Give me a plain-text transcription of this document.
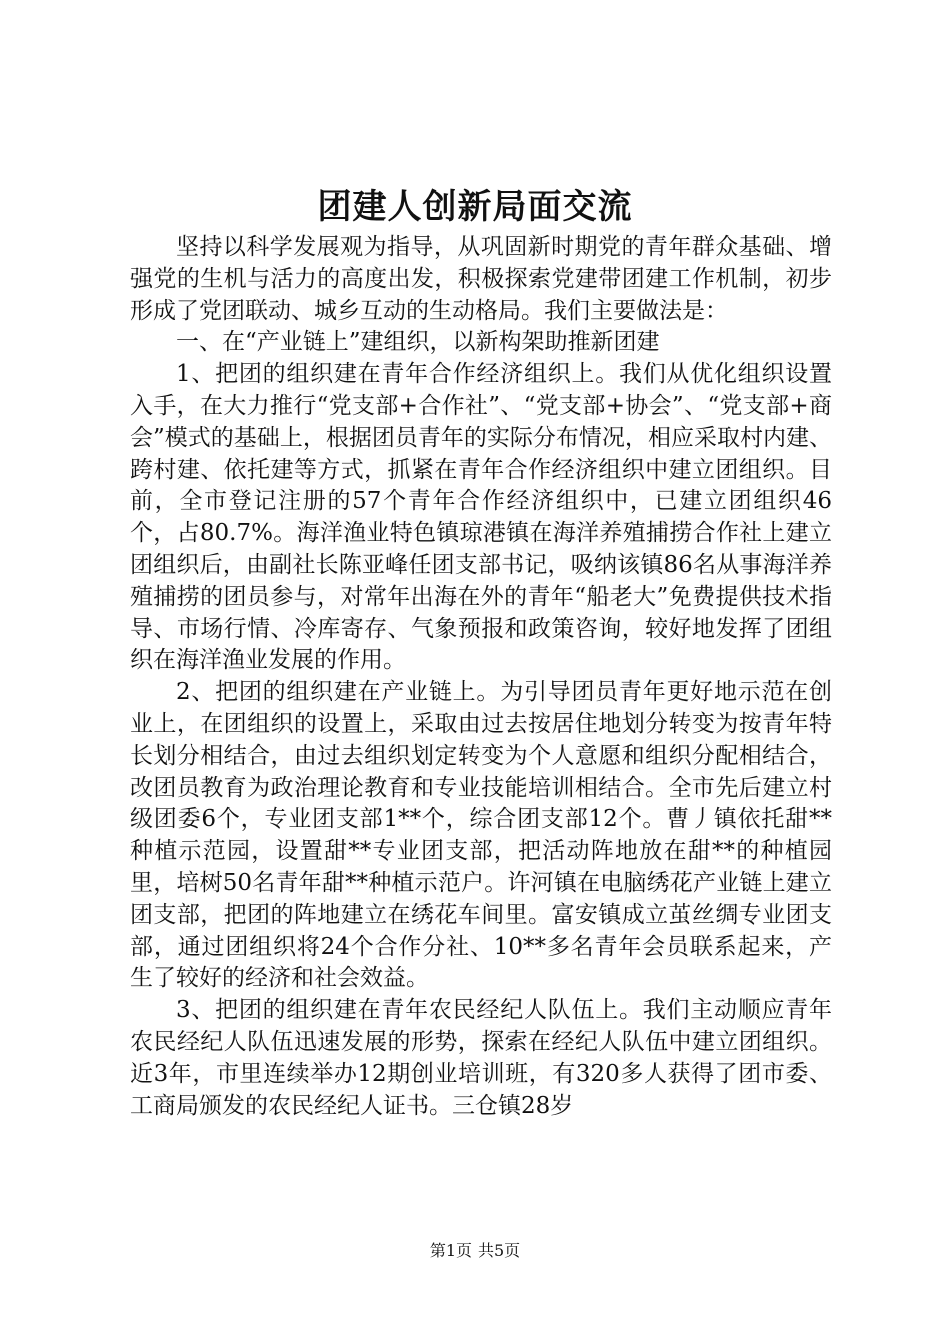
团建人创新局面交流

坚持以科学发展观为指导，从巩固新时期党的青年群众基础、增强党的生机与活力的高度出发，积极探索党建带团建工作机制，初步形成了党团联动、城乡互动的生动格局。我们主要做法是：

一、在“产业链上”建组织，以新构架助推新团建

1、把团的组织建在青年合作经济组织上。我们从优化组织设置入手，在大力推行“党支部+合作社”、“党支部+协会”、“党支部+商会”模式的基础上，根据团员青年的实际分布情况，相应采取村内建、跨村建、依托建等方式，抓紧在青年合作经济组织中建立团组织。目前，全市登记注册的57个青年合作经济组织中，已建立团组织46个，占80.7%。海洋渔业特色镇琼港镇在海洋养殖捕捞合作社上建立团组织后，由副社长陈亚峰任团支部书记，吸纳该镇86名从事海洋养殖捕捞的团员参与，对常年出海在外的青年“船老大”免费提供技术指导、市场行情、冷库寄存、气象预报和政策咨询，较好地发挥了团组织在海洋渔业发展的作用。

2、把团的组织建在产业链上。为引导团员青年更好地示范在创业上，在团组织的设置上，采取由过去按居住地划分转变为按青年特长划分相结合，由过去组织划定转变为个人意愿和组织分配相结合，改团员教育为政治理论教育和专业技能培训相结合。全市先后建立村级团委6个，专业团支部1**个，综合团支部12个。曹丿镇依托甜**种植示范园，设置甜**专业团支部，把活动阵地放在甜**的种植园里，培树50名青年甜**种植示范户。许河镇在电脑绣花产业链上建立团支部，把团的阵地建立在绣花车间里。富安镇成立茧丝绸专业团支部，通过团组织将24个合作分社、10**多名青年会员联系起来，产生了较好的经济和社会效益。

3、把团的组织建在青年农民经纪人队伍上。我们主动顺应青年农民经纪人队伍迅速发展的形势，探索在经纪人队伍中建立团组织。近3年，市里连续举办12期创业培训班，有320多人获得了团市委、工商局颁发的农民经纪人证书。三仓镇28岁

第1页 共5页
